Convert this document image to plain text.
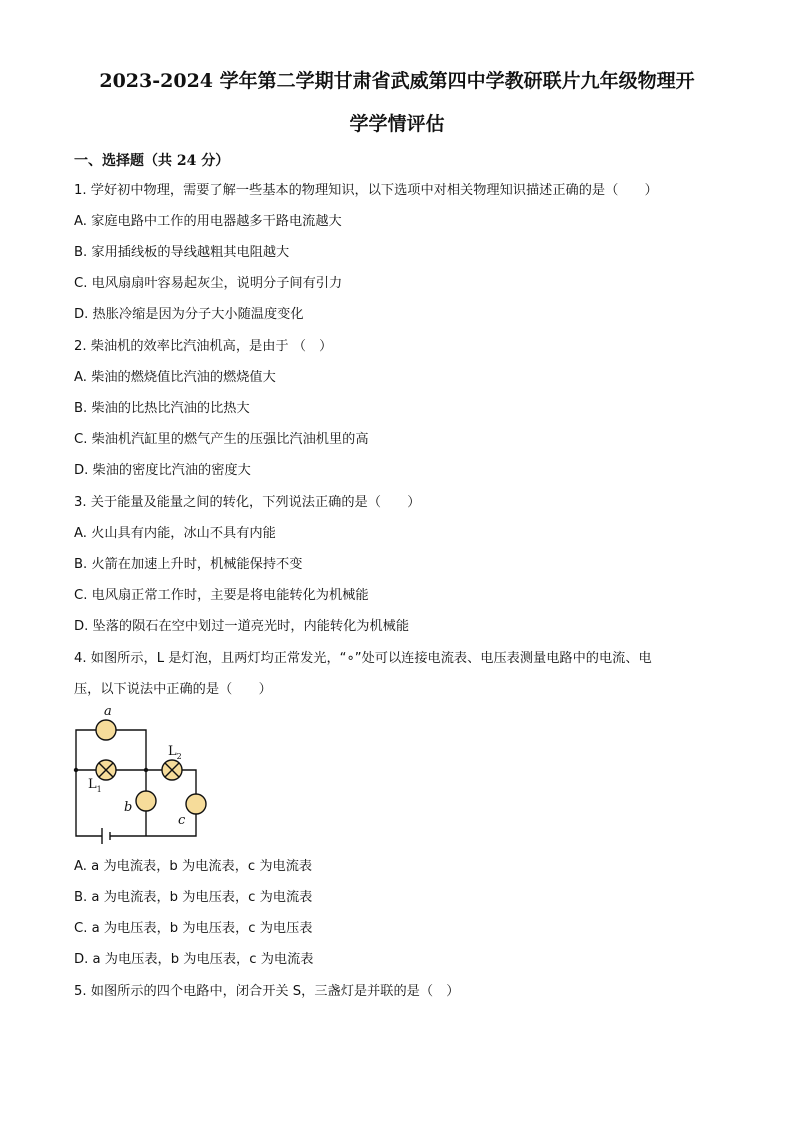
2023-2024 学年第二学期甘肃省武威第四中学教研联片九年级物理开
学学情评估
一、选择题（共 24 分）
1. 学好初中物理，需要了解一些基本的物理知识，以下选项中对相关物理知识描述正确的是（　　）
A. 家庭电路中工作的用电器越多干路电流越大
B. 家用插线板的导线越粗其电阻越大
C. 电风扇扇叶容易起灰尘，说明分子间有引力
D. 热胀冷缩是因为分子大小随温度变化
2. 柴油机的效率比汽油机高，是由于 （　）
A. 柴油的燃烧值比汽油的燃烧值大
B. 柴油的比热比汽油的比热大
C. 柴油机汽缸里的燃气产生的压强比汽油机里的高
D. 柴油的密度比汽油的密度大
3. 关于能量及能量之间的转化，下列说法正确的是（　　）
A. 火山具有内能，冰山不具有内能
B. 火箭在加速上升时，机械能保持不变
C. 电风扇正常工作时，主要是将电能转化为机械能
D. 坠落的陨石在空中划过一道亮光时，内能转化为机械能
4. 如图所示，L 是灯泡，且两灯均正常发光，“∘”处可以连接电流表、电压表测量电路中的电流、电
压，以下说法中正确的是（　　）
a
b
c
$L_1$
$L_2$
A. a 为电流表，b 为电流表，c 为电流表
B. a 为电流表，b 为电压表，c 为电流表
C. a 为电压表，b 为电压表，c 为电压表
D. a 为电压表，b 为电压表，c 为电流表
5. 如图所示的四个电路中，闭合开关 S，三盏灯是并联的是（　）
